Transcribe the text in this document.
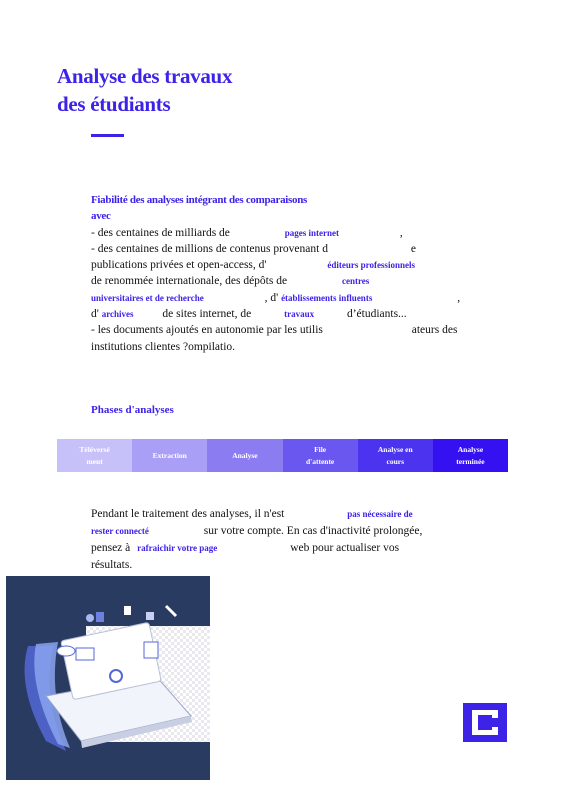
Analyse des travaux
des étudiants
Fiabilité des analyses intégrant des comparaisons
avec
- des centaines de milliards de	pages internet	,
- des centaines de millions de contenus provenant d	e
publications privées et open-access, d'	éditeurs professionnels
de renommée internationale, des dépôts de	centres
universitaires et de recherche	, d' établissements influents	,
d' archives	de sites internet, de	travaux	d’étudiants...
- les documents ajoutés en autonomie par les utilis	ateurs des
institutions clientes ?ompilatio.
Phases d'analyses
Téléversé
ment
Extraction	Analyse
File
d'attente
Analyse en
cours
Analyse
terminée
Pendant le traitement des analyses, il n'est	pas nécessaire de
rester connecté	sur votre compte. En cas d'inactivité prolongée,
pensez à rafraichir votre page	web pour actualiser vos
résultats.
